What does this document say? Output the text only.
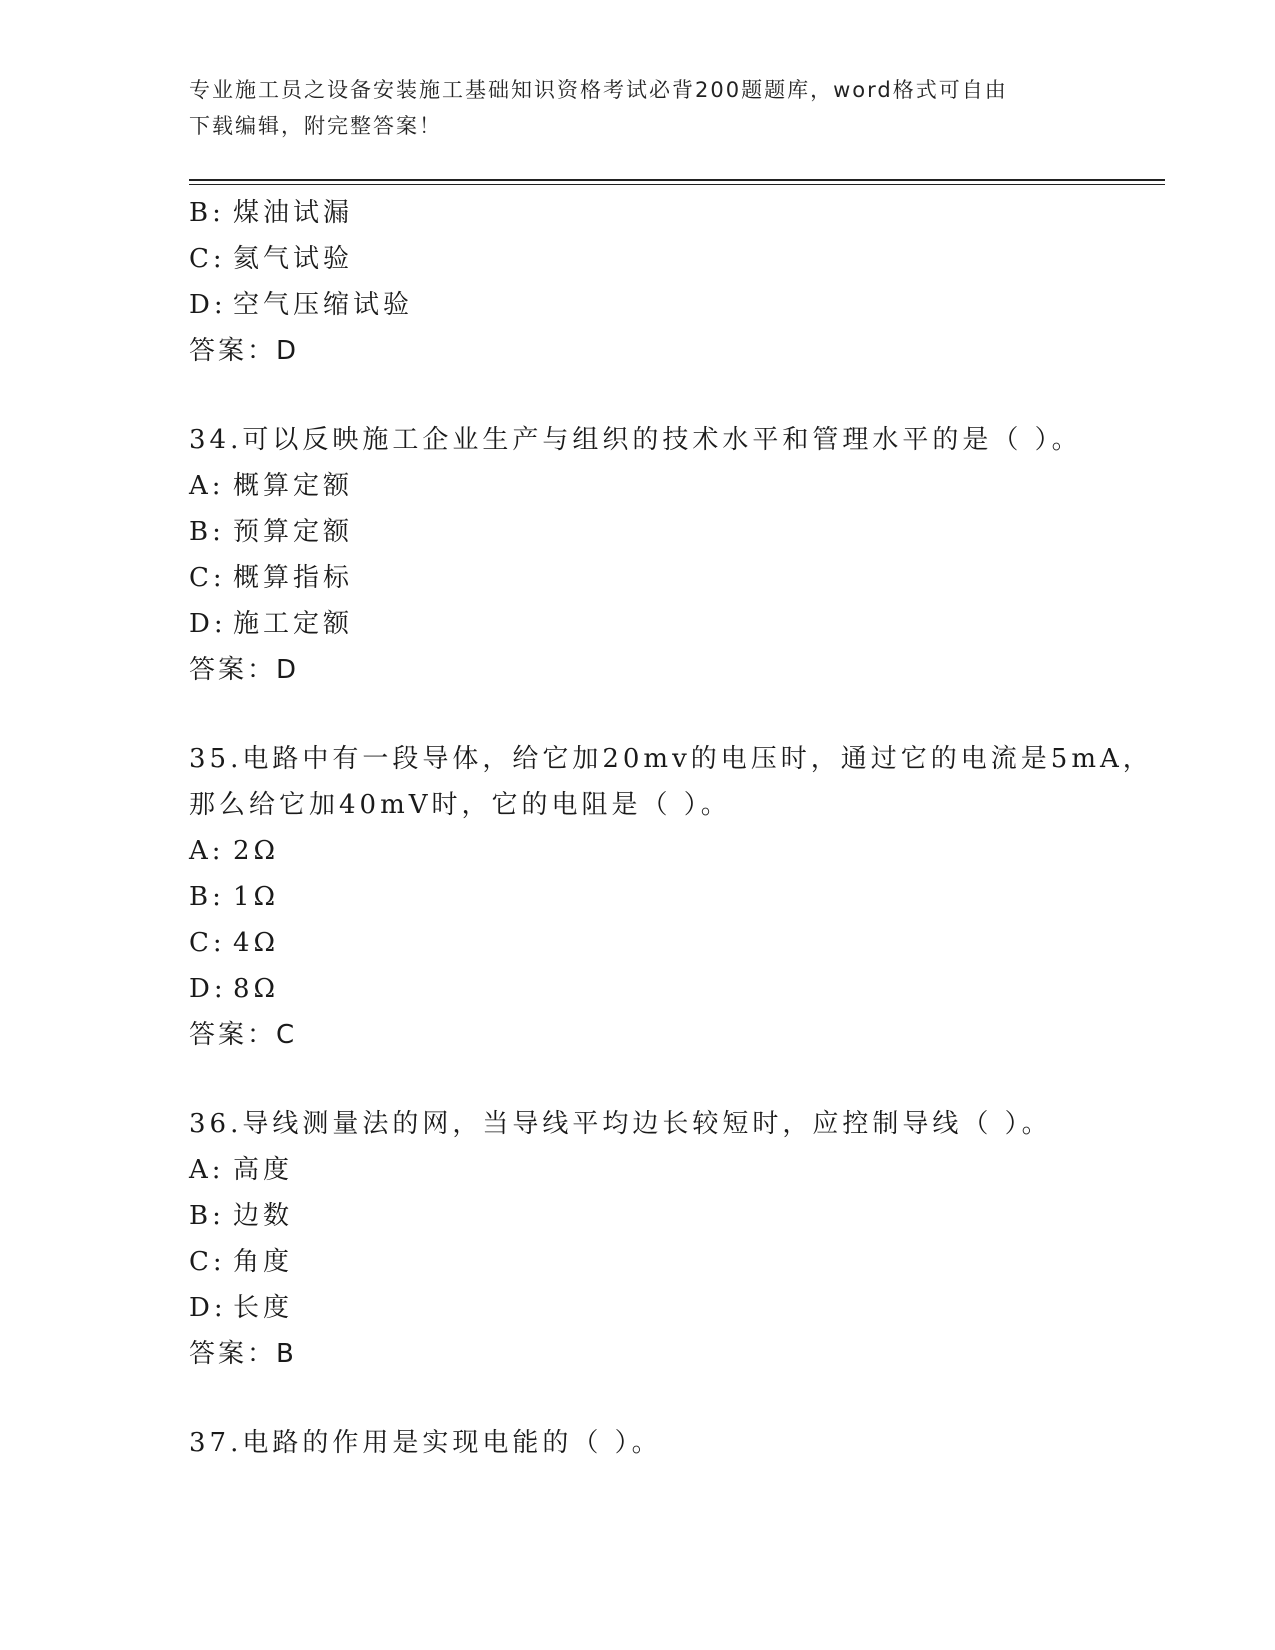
专业施工员之设备安装施工基础知识资格考试必背200题题库，word格式可自由
下载编辑，附完整答案！
B: 煤油试漏
C: 氦气试验
D: 空气压缩试验
答案：D
34.可以反映施工企业生产与组织的技术水平和管理水平的是（ ）。
A: 概算定额
B: 预算定额
C: 概算指标
D: 施工定额
答案：D
35.电路中有一段导体，给它加20mv的电压时，通过它的电流是5mA，
那么给它加40mV时，它的电阻是（ ）。
A: 2Ω
B: 1Ω
C: 4Ω
D: 8Ω
答案：C
36.导线测量法的网，当导线平均边长较短时，应控制导线（ ）。
A: 高度
B: 边数
C: 角度
D: 长度
答案：B
37.电路的作用是实现电能的（ ）。
